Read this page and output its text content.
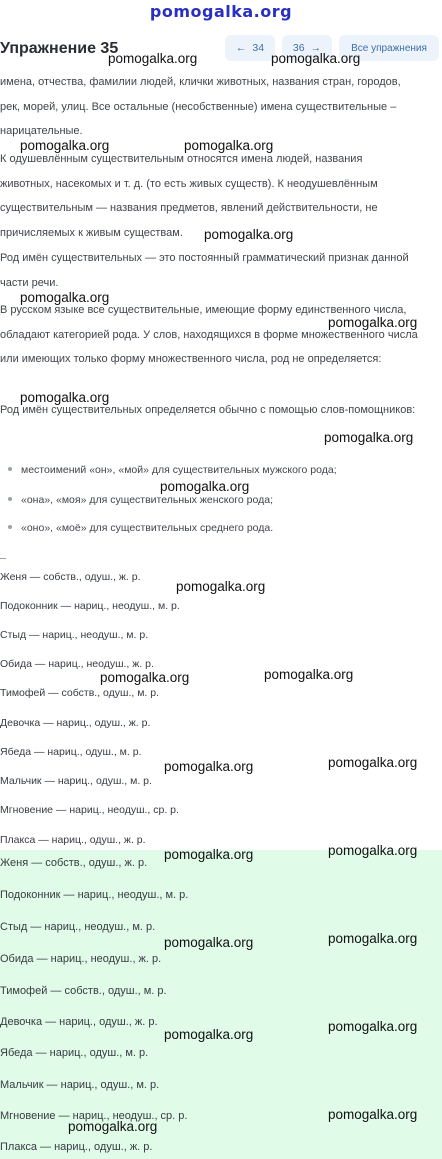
pomogalka.org
Упражнение 35	← 34	36 →	Все упражнения
имена, отчества, фамилии людей, клички животных, названия стран, городов, рек, морей, улиц. Все остальные (несобственные) имена существительные – нарицательные.
К одушевлённым существительным относятся имена людей, названия животных, насекомых и т. д. (то есть живых существ). К неодушевлённым существительным — названия предметов, явлений действительности, не причисляемых к живым существам.
Род имён существительных — это постоянный грамматический признак данной части речи.
В русском языке все существительные, имеющие форму единственного числа, обладают категорией рода. У слов, находящихся в форме множественного числа или имеющих только форму множественного числа, род не определяется:
Род имён существительных определяется обычно с помощью слов-помощников:
местоимений «он», «мой» для существительных мужского рода;
«она», «моя» для существительных женского рода;
«оно», «моё» для существительных среднего рода.
Женя — собств., одуш., ж. р.
Подоконник — нариц., неодуш., м. р.
Стыд — нариц., неодуш., м. р.
Обида — нариц., неодуш., ж. р.
Тимофей — собств., одуш., м. р.
Девочка — нариц., одуш., ж. р.
Ябеда — нариц., одуш., м. р.
Мальчик — нариц., одуш., м. р.
Мгновение — нариц., неодуш., ср. р.
Плакса — нариц., одуш., ж. р.
Женя — собств., одуш., ж. р.
Подоконник — нариц., неодуш., м. р.
Стыд — нариц., неодуш., м. р.
Обида — нариц., неодуш., ж. р.
Тимофей — собств., одуш., м. р.
Девочка — нариц., одуш., ж. р.
Ябеда — нариц., одуш., м. р.
Мальчик — нариц., одуш., м. р.
Мгновение — нариц., неодуш., ср. р.
Плакса — нариц., одуш., ж. р.
pomogalka.org	pomogalka.org
pomogalka.org	pomogalka.org
pomogalka.org
pomogalka.org
pomogalka.org
pomogalka.org
pomogalka.org
pomogalka.org
pomogalka.org
pomogalka.org	pomogalka.org
pomogalka.org	pomogalka.org
pomogalka.org	pomogalka.org
pomogalka.org	pomogalka.org
pomogalka.org
pomogalka.org
pomogalka.org
pomogalka.org
